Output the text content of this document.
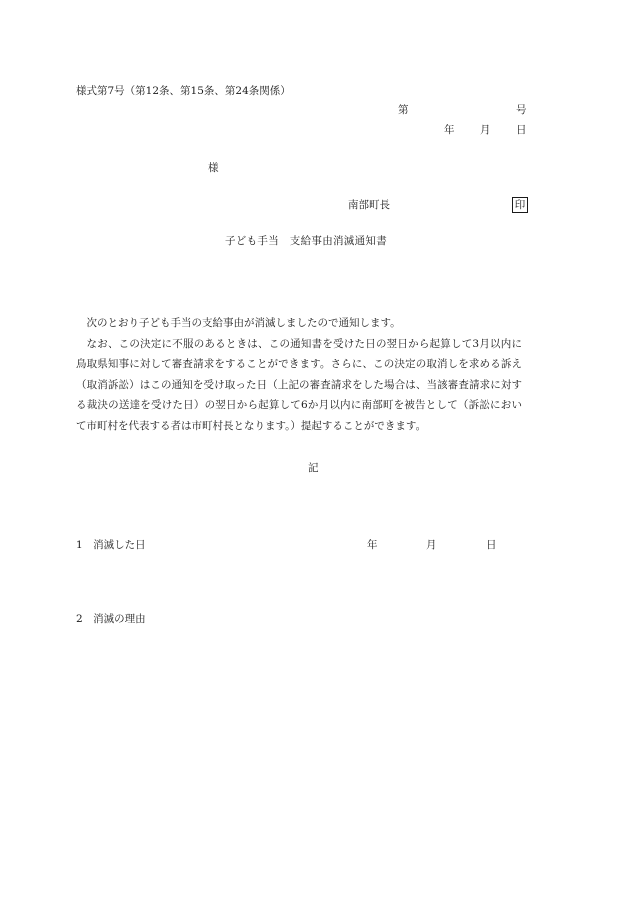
様式第7号（第12条、第15条、第24条関係）
第	号
年 月 日
様
南部町長	印
子ども手当　支給事由消滅通知書

次のとおり子ども手当の支給事由が消滅しましたので通知します。

なお、この決定に不服のあるときは、この通知書を受けた日の翌日から起算して3月以内に鳥取県知事に対して審査請求をすることができます。さらに、この決定の取消しを求める訴え（取消訴訟）はこの通知を受け取った日（上記の審査請求をした場合は、当該審査請求に対する裁決の送達を受けた日）の翌日から起算して6か月以内に南部町を被告として（訴訟において市町村を代表する者は市町村長となります。）提起することができます。

記
1　消滅した日	年	月	日
2　消滅の理由
